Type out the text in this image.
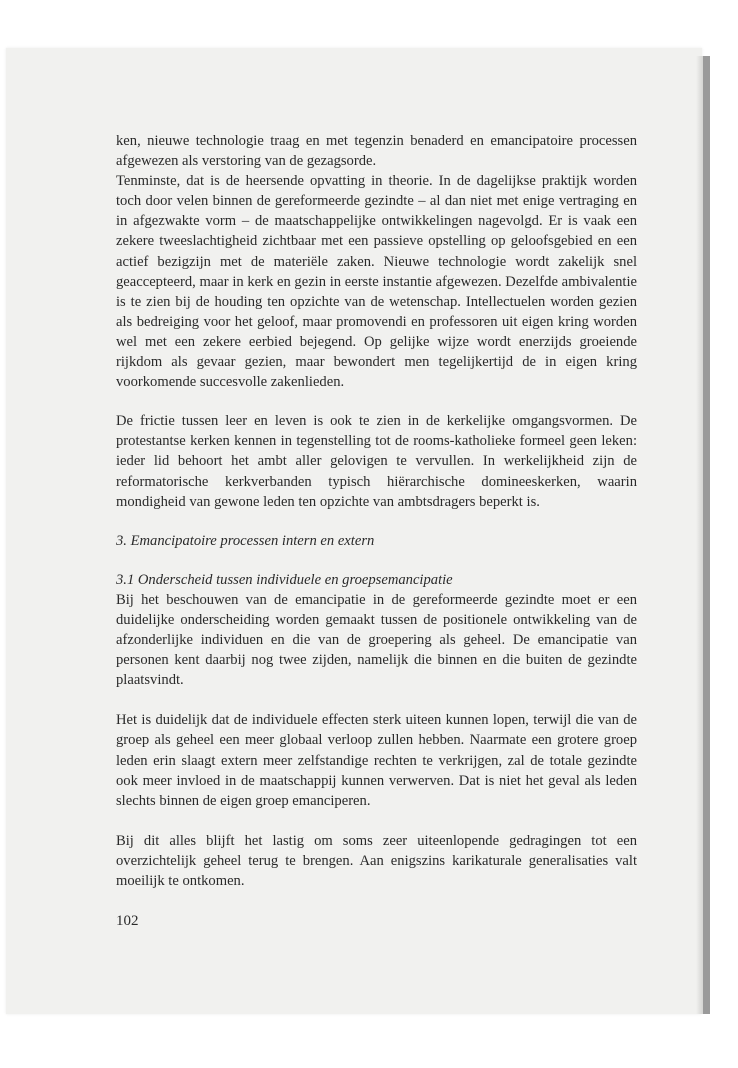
ken, nieuwe technologie traag en met tegenzin benaderd en emancipatoire processen afgewezen als verstoring van de gezagsorde.

Tenminste, dat is de heersende opvatting in theorie. In de dagelijkse praktijk worden toch door velen binnen de gereformeerde gezindte – al dan niet met enige vertraging en in afgezwakte vorm – de maatschappelijke ontwikkelingen nagevolgd. Er is vaak een zekere tweeslachtigheid zichtbaar met een passieve opstelling op geloofsgebied en een actief bezigzijn met de materiële zaken. Nieuwe technologie wordt zakelijk snel geaccepteerd, maar in kerk en gezin in eerste instantie afgewezen. Dezelfde ambivalentie is te zien bij de houding ten opzichte van de wetenschap. Intellectuelen worden gezien als bedreiging voor het geloof, maar promovendi en professoren uit eigen kring worden wel met een zekere eerbied bejegend. Op gelijke wijze wordt enerzijds groeiende rijkdom als gevaar gezien, maar bewondert men tegelijkertijd de in eigen kring voorkomende succesvolle zakenlieden.

De frictie tussen leer en leven is ook te zien in de kerkelijke omgangsvormen. De protestantse kerken kennen in tegenstelling tot de rooms-katholieke formeel geen leken: ieder lid behoort het ambt aller gelovigen te vervullen. In werkelijkheid zijn de reformatorische kerkverbanden typisch hiërarchische domineeskerken, waarin mondigheid van gewone leden ten opzichte van ambtsdragers beperkt is.

3. Emancipatoire processen intern en extern

3.1 Onderscheid tussen individuele en groepsemancipatie

Bij het beschouwen van de emancipatie in de gereformeerde gezindte moet er een duidelijke onderscheiding worden gemaakt tussen de positionele ontwikkeling van de afzonderlijke individuen en die van de groepering als geheel. De emancipatie van personen kent daarbij nog twee zijden, namelijk die binnen en die buiten de gezindte plaatsvindt.

Het is duidelijk dat de individuele effecten sterk uiteen kunnen lopen, terwijl die van de groep als geheel een meer globaal verloop zullen hebben. Naarmate een grotere groep leden erin slaagt extern meer zelfstandige rechten te verkrijgen, zal de totale gezindte ook meer invloed in de maatschappij kunnen verwerven. Dat is niet het geval als leden slechts binnen de eigen groep emanciperen.

Bij dit alles blijft het lastig om soms zeer uiteenlopende gedragingen tot een overzichtelijk geheel terug te brengen. Aan enigszins karikaturale generalisaties valt moeilijk te ontkomen.

102
